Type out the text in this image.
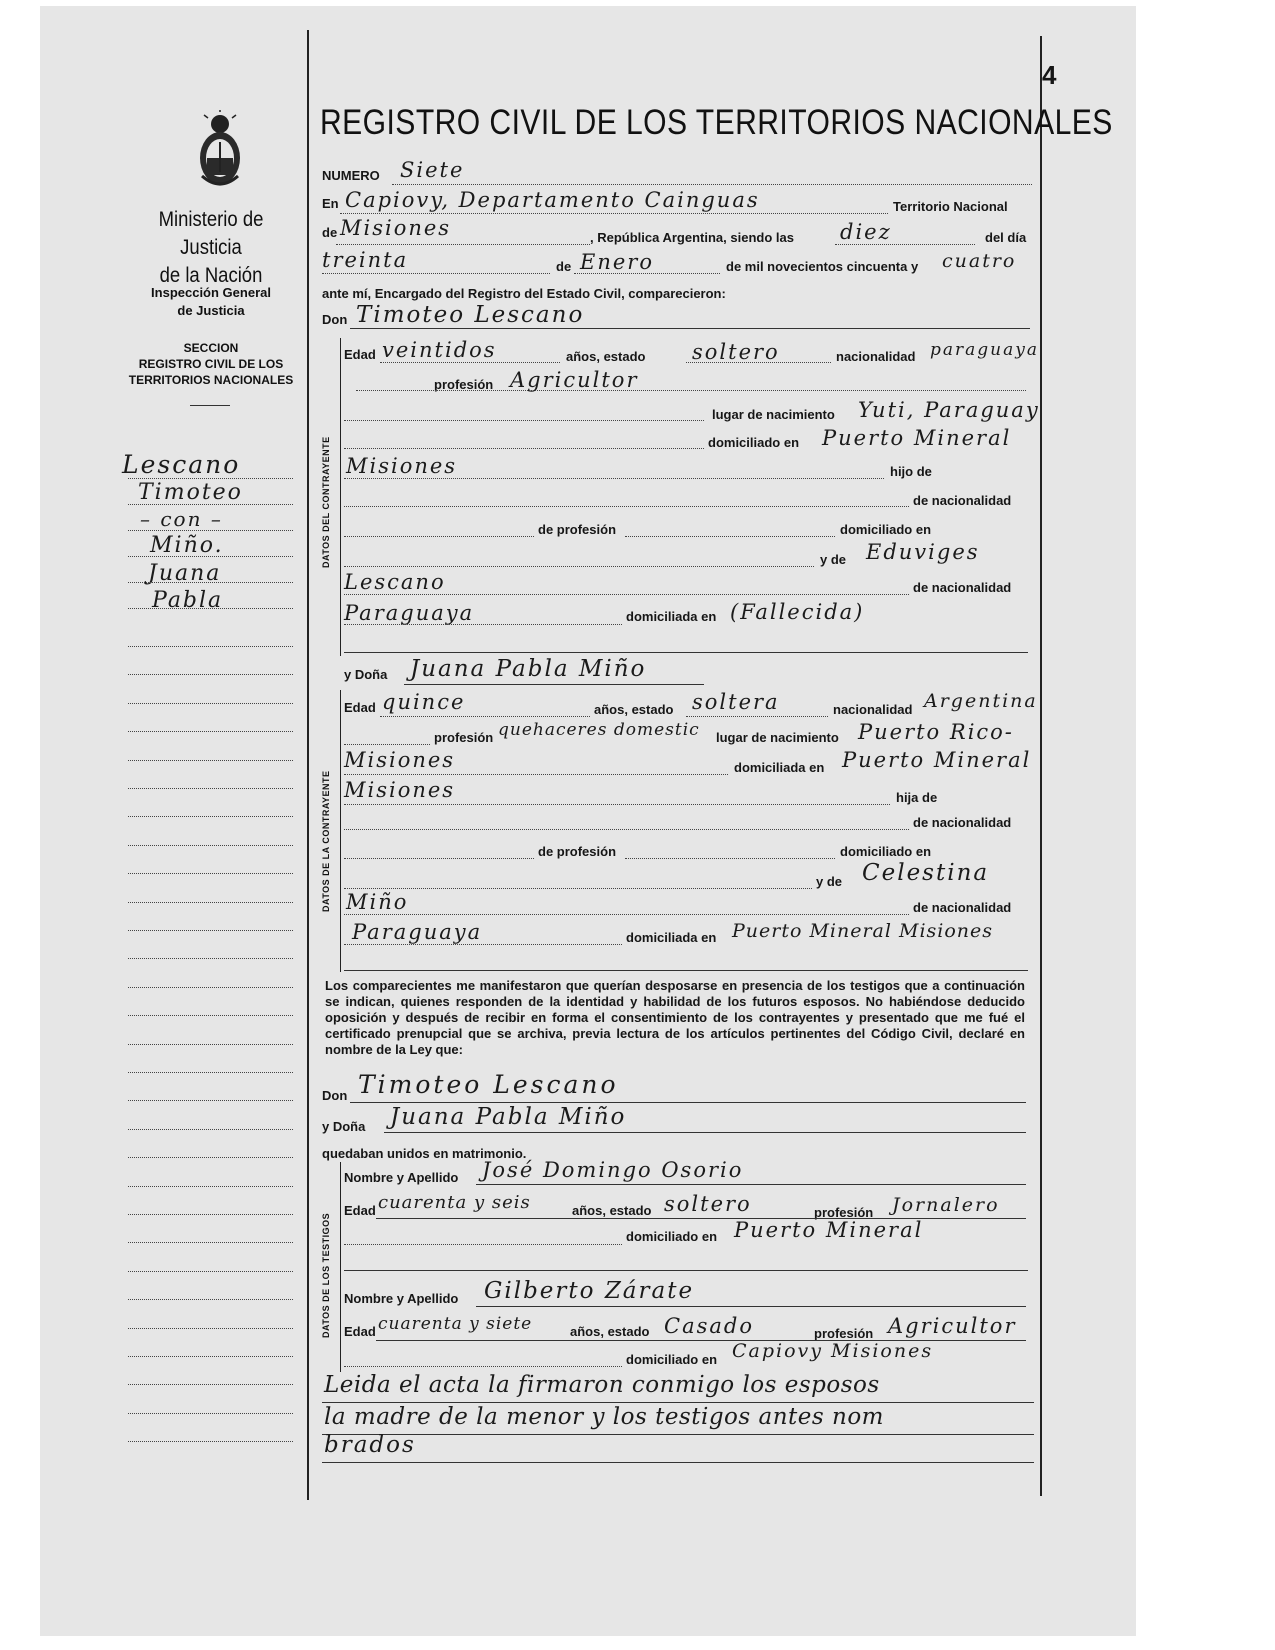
Ministerio de Justicia
de la Nación
Inspección General
de Justicia
SECCION
REGISTRO CIVIL DE LOS
TERRITORIOS NACIONALES
Lescano
Timoteo
– con –
Miño.
Juana
Pabla
4
REGISTRO CIVIL DE LOS TERRITORIOS NACIONALES
NUMERO Siete
En Capiovy, Departamento Cainguas	Territorio Nacional
de Misiones	, República Argentina, siendo las diez	del día
treinta	de Enero	de mil novecientos cincuenta y cuatro
ante mí, Encargado del Registro del Estado Civil, comparecieron:
Don Timoteo Lescano
DATOS DEL CONTRAYENTE
Edad veintidos	años, estado soltero	nacionalidad paraguaya
profesión Agricultor
lugar de nacimiento Yuti, Paraguay
domiciliado en Puerto Mineral
Misiones	hijo de
de nacionalidad
de profesión	domiciliado en
y de Eduviges
Lescano	de nacionalidad
Paraguaya	domiciliada en (Fallecida)
y Doña Juana Pabla Miño
DATOS DE LA CONTRAYENTE
Edad quince	años, estado soltera	nacionalidad Argentina
profesión quehaceres domestic lugar de nacimiento Puerto Rico-
Misiones	domiciliada en Puerto Mineral
Misiones	hija de
de nacionalidad
de profesión	domiciliado en
y de Celestina
Miño	de nacionalidad
Paraguaya	domiciliada en Puerto Mineral Misiones
Los comparecientes me manifestaron que querían desposarse en presencia de los testigos que a continuación se indican, quienes responden de la identidad y habilidad de los futuros esposos. No habiéndose deducido oposición y después de recibir en forma el consentimiento de los contrayentes y presentado que me fué el certificado prenupcial que se archiva, previa lectura de los artículos pertinentes del Código Civil, declaré en nombre de la Ley que:
Don Timoteo Lescano
y Doña Juana Pabla Miño
quedaban unidos en matrimonio.
DATOS DE LOS TESTIGOS
Nombre y Apellido José Domingo Osorio
Edad cuarenta y seis	años, estado soltero	profesión Jornalero
domiciliado en Puerto Mineral
Nombre y Apellido Gilberto Zárate
Edad cuarenta y siete	años, estado Casado	profesión Agricultor
domiciliado en Capiovy Misiones
Leida el acta la firmaron conmigo los esposos
la madre de la menor y los testigos antes nom
brados
